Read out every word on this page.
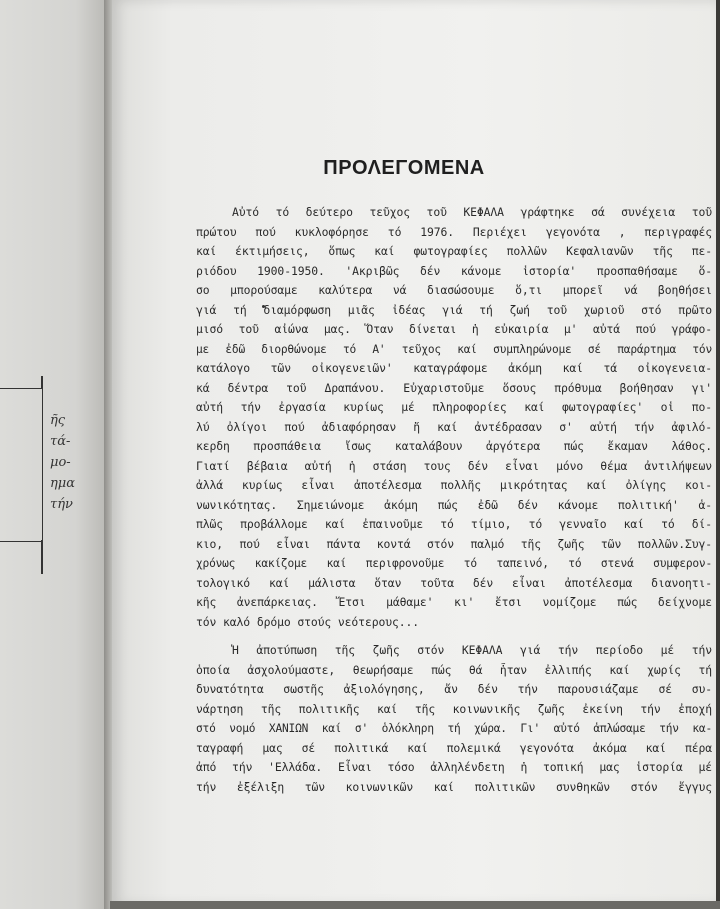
ῆς
τά-
μο-
ημα
τήν
ΠΡΟΛΕΓΟΜΕΝΑ
Αὐτό τό δεύτερο τεῦχος τοῦ ΚΕΦΑΛΑ γράφτηκε σά συνέχεια τοῦ
πρώτου πού κυκλοφόρησε τό 1976. Περιέχει γεγονότα , περιγραφές
καί έκτιμήσεις, ὅπως καί φωτογραφίες πολλῶν Κεφαλιανῶν τῆς πε-
ριόδου 1900-1950. 'Ακριβῶς δέν κάνομε ἱστορία' προσπαθήσαμε ὅ-
σο μπορούσαμε καλύτερα νά διασώσουμε ὅ,τι μπορεῖ νά βοηθήσει
γιά τή διαμόρφωση μιᾶς ἰδέας γιά τή ζωή τοῦ χωριοῦ στό πρῶτο
μισό τοῦ αἰώνα μας. Ὅταν δίνεται ἡ εὐκαιρία μ' αὐτά πού γράφο-
με ἐδῶ διορθώνομε τό Α' τεῦχος καί συμπληρώνομε σέ παράρτημα τόν
κατάλογο τῶν οἰκογενειῶν' καταγράφομε ἀκόμη καί τά οἰκογενεια-
κά δέντρα τοῦ Δραπάνου. Εὐχαριστοῦμε ὅσους πρόθυμα βοήθησαν γι'
αὐτή τήν ἐργασία κυρίως μέ πληροφορίες καί φωτογραφίες' οἱ πο-
λύ ὀλίγοι πού ἀδιαφόρησαν ἤ καί ἀντέδρασαν σ' αὐτή τήν ἀφιλό-
κερδη προσπάθεια ἴσως καταλάβουν ἀργότερα πώς ἔκαμαν λάθος.
Γιατί βέβαια αὐτή ἡ στάση τους δέν εἶναι μόνο θέμα ἀντιλήψεων
ἀλλά κυρίως εἶναι ἀποτέλεσμα πολλῆς μικρότητας καί ὀλίγης κοι-
νωνικότητας. Σημειώνομε ἀκόμη πώς ἐδῶ δέν κάνομε πολιτική' ἁ-
πλῶς προβάλλομε καί ἐπαινοῦμε τό τίμιο, τό γενναῖο καί τό δί-
κιο, πού εἶναι πάντα κοντά στόν παλμό τῆς ζωῆς τῶν πολλῶν.Συγ-
χρόνως κακίζομε καί περιφρονοῦμε τό ταπεινό, τό στενά συμφερον-
τολογικό καί μάλιστα ὅταν τοῦτα δέν εἶναι ἀποτέλεσμα διανοητι-
κῆς ἀνεπάρκειας. Ἔτσι μάθαμε' κι' ἔτσι νομίζομε πώς δείχνομε
τόν καλό δρόμο στούς νεότερους...
Ἡ ἀποτύπωση τῆς ζωῆς στόν ΚΕΦΑΛΑ γιά τήν περίοδο μέ τήν
ὁποία ἀσχολούμαστε, θεωρήσαμε πώς θά ἦταν ἐλλιπής καί χωρίς τή
δυνατότητα σωστῆς ἀξιολόγησης, ἄν δέν τήν παρουσιάζαμε σέ συ-
νάρτηση τῆς πολιτικῆς καί τῆς κοινωνικῆς ζωῆς ἐκείνη τήν ἐποχή
στό νομό ΧΑΝΙΩΝ καί σ' ὁλόκληρη τή χώρα. Γι' αὐτό ἁπλώσαμε τήν κα-
ταγραφή μας σέ πολιτικά καί πολεμικά γεγονότα ἀκόμα καί πέρα
ἀπό τήν 'Ελλάδα. Εἶναι τόσο ἀλληλένδετη ἡ τοπική μας ἱστορία μέ
τήν ἐξέλιξη τῶν κοινωνικῶν καί πολιτικῶν συνθηκῶν στόν ἔγγυς
